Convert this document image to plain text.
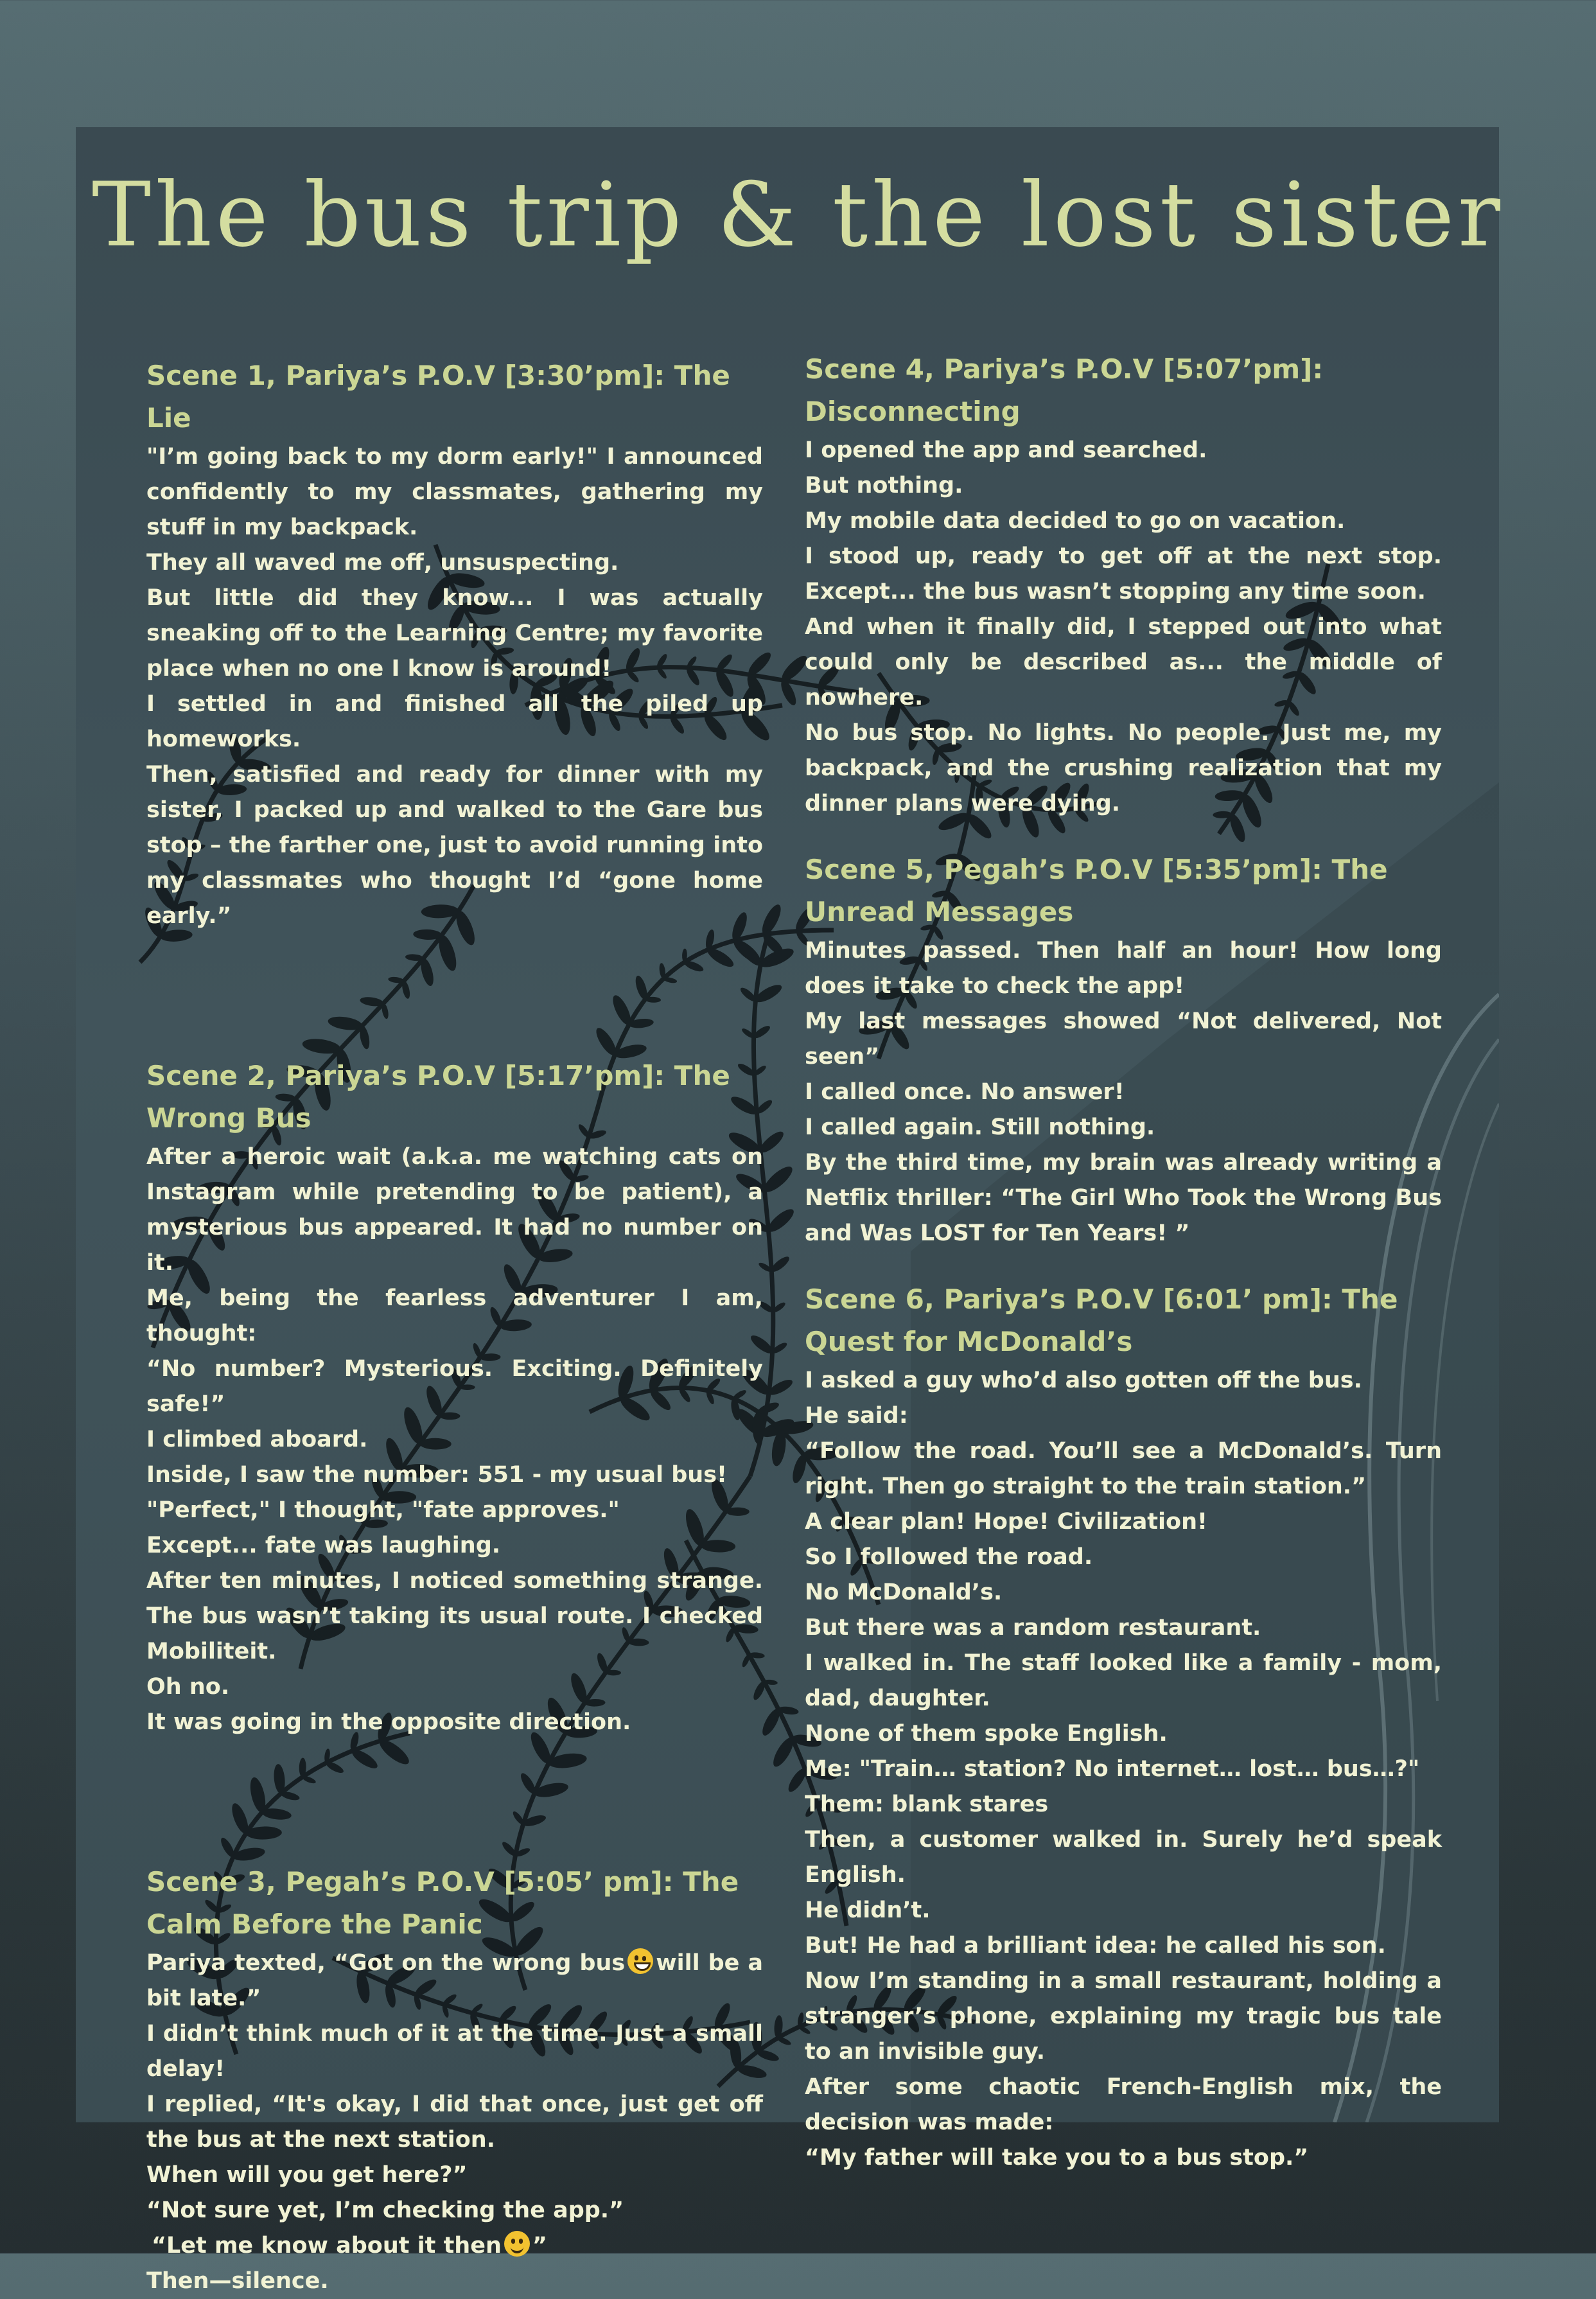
The bus trip & the lost sister
Scene 1, Pariya’s P.O.V [3:30’pm]: The Lie

"I’m going back to my dorm early!" I announced confidently to my classmates, gathering my stuff in my backpack.

They all waved me off, unsuspecting.

But little did they know... I was actually sneaking off to the Learning Centre; my favorite place when no one I know is around!

I settled in and finished all the piled up homeworks.

Then, satisfied and ready for dinner with my sister, I packed up and walked to the Gare bus stop – the farther one, just to avoid running into my classmates who thought I’d “gone home early.”

Scene 2, Pariya’s P.O.V [5:17’pm]: The Wrong Bus

After a heroic wait (a.k.a. me watching cats on Instagram while pretending to be patient), a mysterious bus appeared. It had no number on it.

Me, being the fearless adventurer I am, thought:

“No number? Mysterious. Exciting. Definitely safe!”

I climbed aboard.

Inside, I saw the number: 551 - my usual bus!

"Perfect," I thought, "fate approves."

Except... fate was laughing.

After ten minutes, I noticed something strange. The bus wasn’t taking its usual route. I checked Mobiliteit.

Oh no.

It was going in the opposite direction.

Scene 3, Pegah’s P.O.V [5:05’ pm]: The Calm Before the Panic

Pariya texted, “Got on the wrong bus will be a bit late.”

I didn’t think much of it at the time. Just a small delay!

I replied, “It's okay, I did that once, just get off the bus at the next station.

When will you get here?”

“Not sure yet, I’m checking the app.”

“Let me know about it then ”

Then—silence.

Scene 4, Pariya’s P.O.V [5:07’pm]: Disconnecting

I opened the app and searched.

But nothing.

My mobile data decided to go on vacation.

I stood up, ready to get off at the next stop. Except... the bus wasn’t stopping any time soon.

And when it finally did, I stepped out into what could only be described as... the middle of nowhere.

No bus stop. No lights. No people. Just me, my backpack, and the crushing realization that my dinner plans were dying.

Scene 5, Pegah’s P.O.V [5:35’pm]: The Unread Messages

Minutes passed. Then half an hour! How long does it take to check the app!

My last messages showed “Not delivered, Not seen”

I called once. No answer!

I called again. Still nothing.

By the third time, my brain was already writing a Netflix thriller: “The Girl Who Took the Wrong Bus and Was LOST for Ten Years! ”

Scene 6, Pariya’s P.O.V [6:01’ pm]: The Quest for McDonald’s

I asked a guy who’d also gotten off the bus.

He said:

“Follow the road. You’ll see a McDonald’s. Turn right. Then go straight to the train station.”

A clear plan! Hope! Civilization!

So I followed the road.

No McDonald’s.

But there was a random restaurant.

I walked in. The staff looked like a family - mom, dad, daughter.

None of them spoke English.

Me: "Train… station? No internet… lost… bus…?"

Them: blank stares

Then, a customer walked in. Surely he’d speak English.

He didn’t.

But! He had a brilliant idea: he called his son.

Now I’m standing in a small restaurant, holding a stranger’s phone, explaining my tragic bus tale to an invisible guy.

After some chaotic French-English mix, the decision was made:

“My father will take you to a bus stop.”
